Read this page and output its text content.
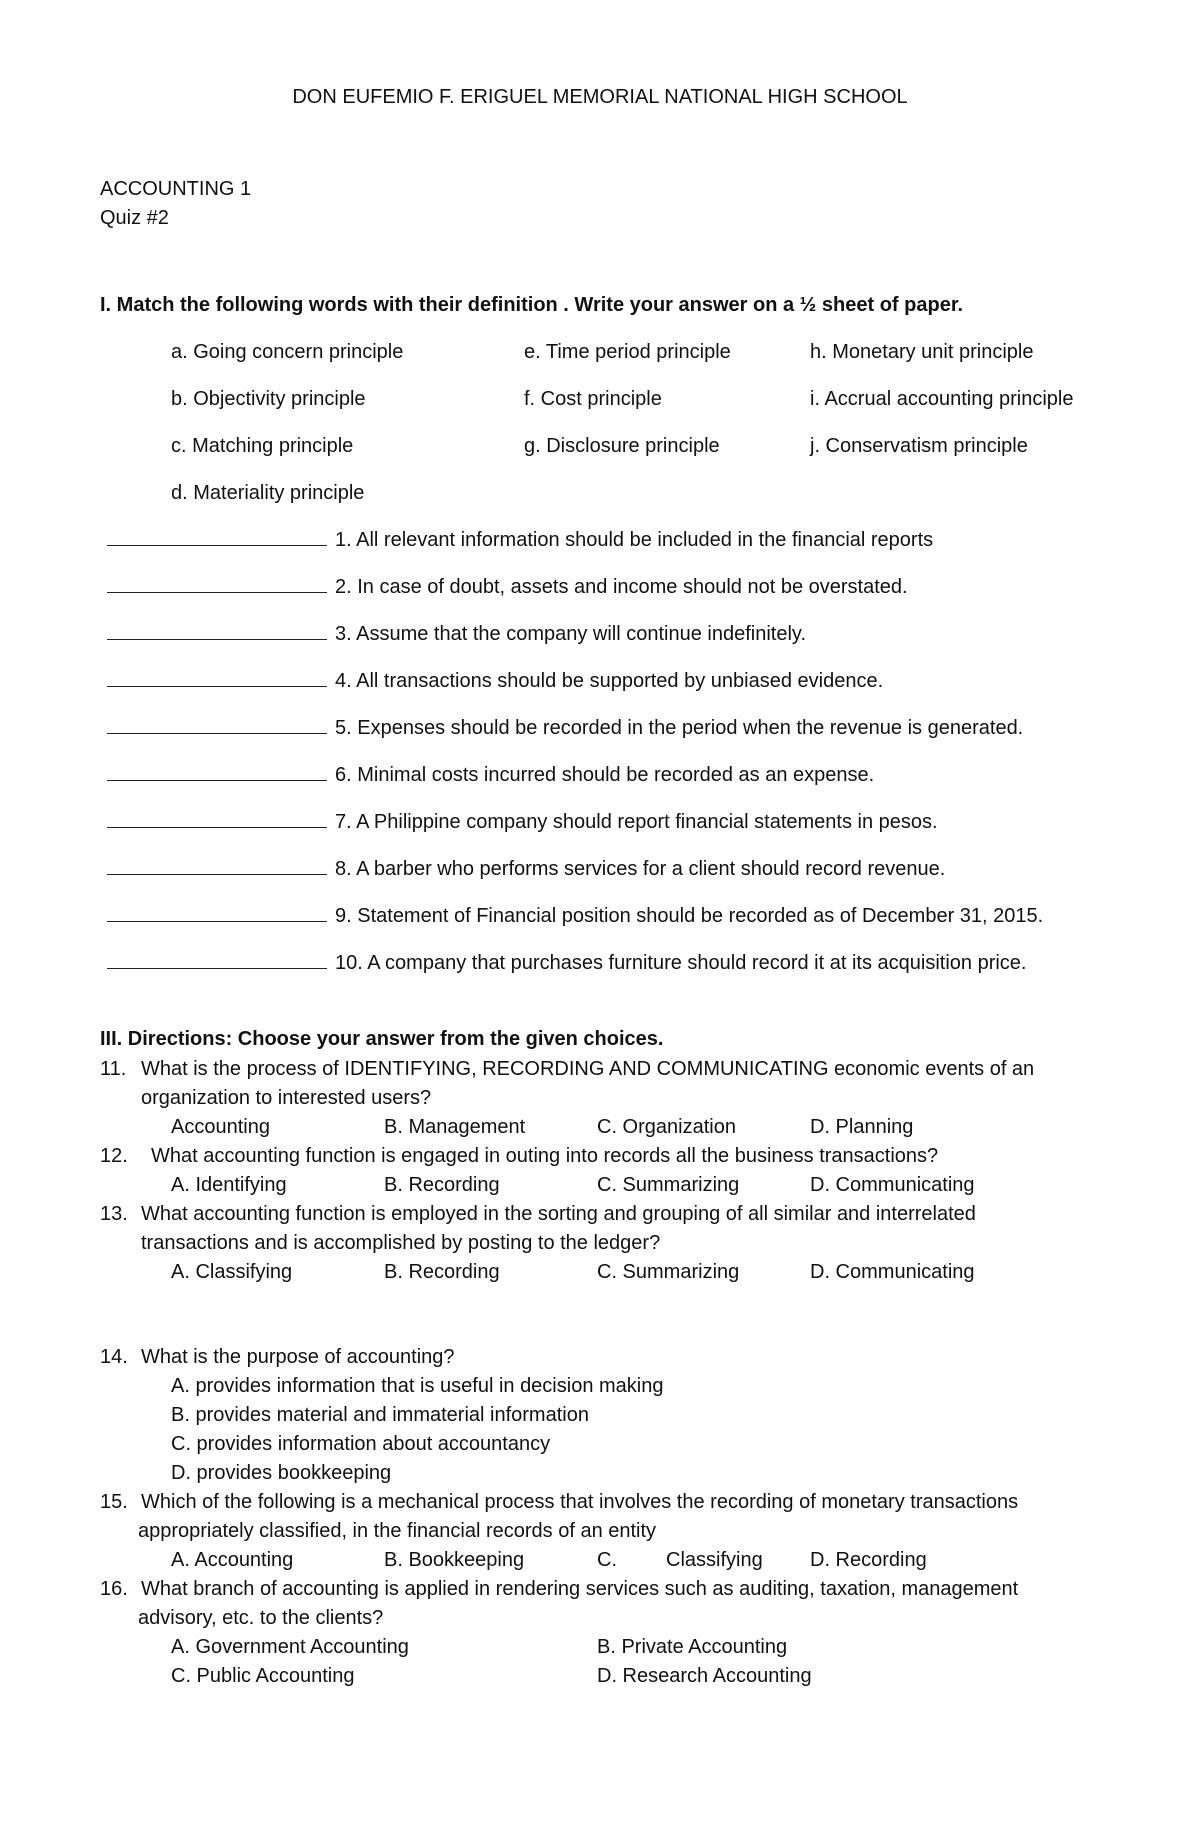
DON EUFEMIO F. ERIGUEL MEMORIAL NATIONAL HIGH SCHOOL
ACCOUNTING 1
Quiz #2
I. Match the following words with their definition . Write your answer on a ½ sheet of paper.
a. Going concern principle	e. Time period principle	h. Monetary unit principle
b. Objectivity principle	f. Cost principle	i. Accrual accounting principle
c. Matching principle	g. Disclosure principle	j. Conservatism principle
d. Materiality principle
1. All relevant information should be included in the financial reports
2. In case of doubt, assets and income should not be overstated.
3. Assume that the company will continue indefinitely.
4. All transactions should be supported by unbiased evidence.
5. Expenses should be recorded in the period when the revenue is generated.
6. Minimal costs incurred should be recorded as an expense.
7. A Philippine company should report financial statements in pesos.
8. A barber who performs services for a client should record revenue.
9. Statement of Financial position should be recorded as of December 31, 2015.
10. A company that purchases furniture should record it at its acquisition price.
III. Directions: Choose your answer from the given choices.
11. What is the process of IDENTIFYING, RECORDING AND COMMUNICATING economic events of an
organization to interested users?
Accounting	B. Management	C. Organization	D. Planning
12. What accounting function is engaged in outing into records all the business transactions?
A. Identifying	B. Recording	C. Summarizing	D. Communicating
13. What accounting function is employed in the sorting and grouping of all similar and interrelated
transactions and is accomplished by posting to the ledger?
A. Classifying	B. Recording	C. Summarizing	D. Communicating
14. What is the purpose of accounting?
A. provides information that is useful in decision making
B. provides material and immaterial information
C. provides information about accountancy
D. provides bookkeeping
15. Which of the following is a mechanical process that involves the recording of monetary transactions
appropriately classified, in the financial records of an entity
A. Accounting	B. Bookkeeping	C. Classifying D. Recording
16. What branch of accounting is applied in rendering services such as auditing, taxation, management
advisory, etc. to the clients?
A. Government Accounting	B. Private Accounting
C. Public Accounting	D. Research Accounting
